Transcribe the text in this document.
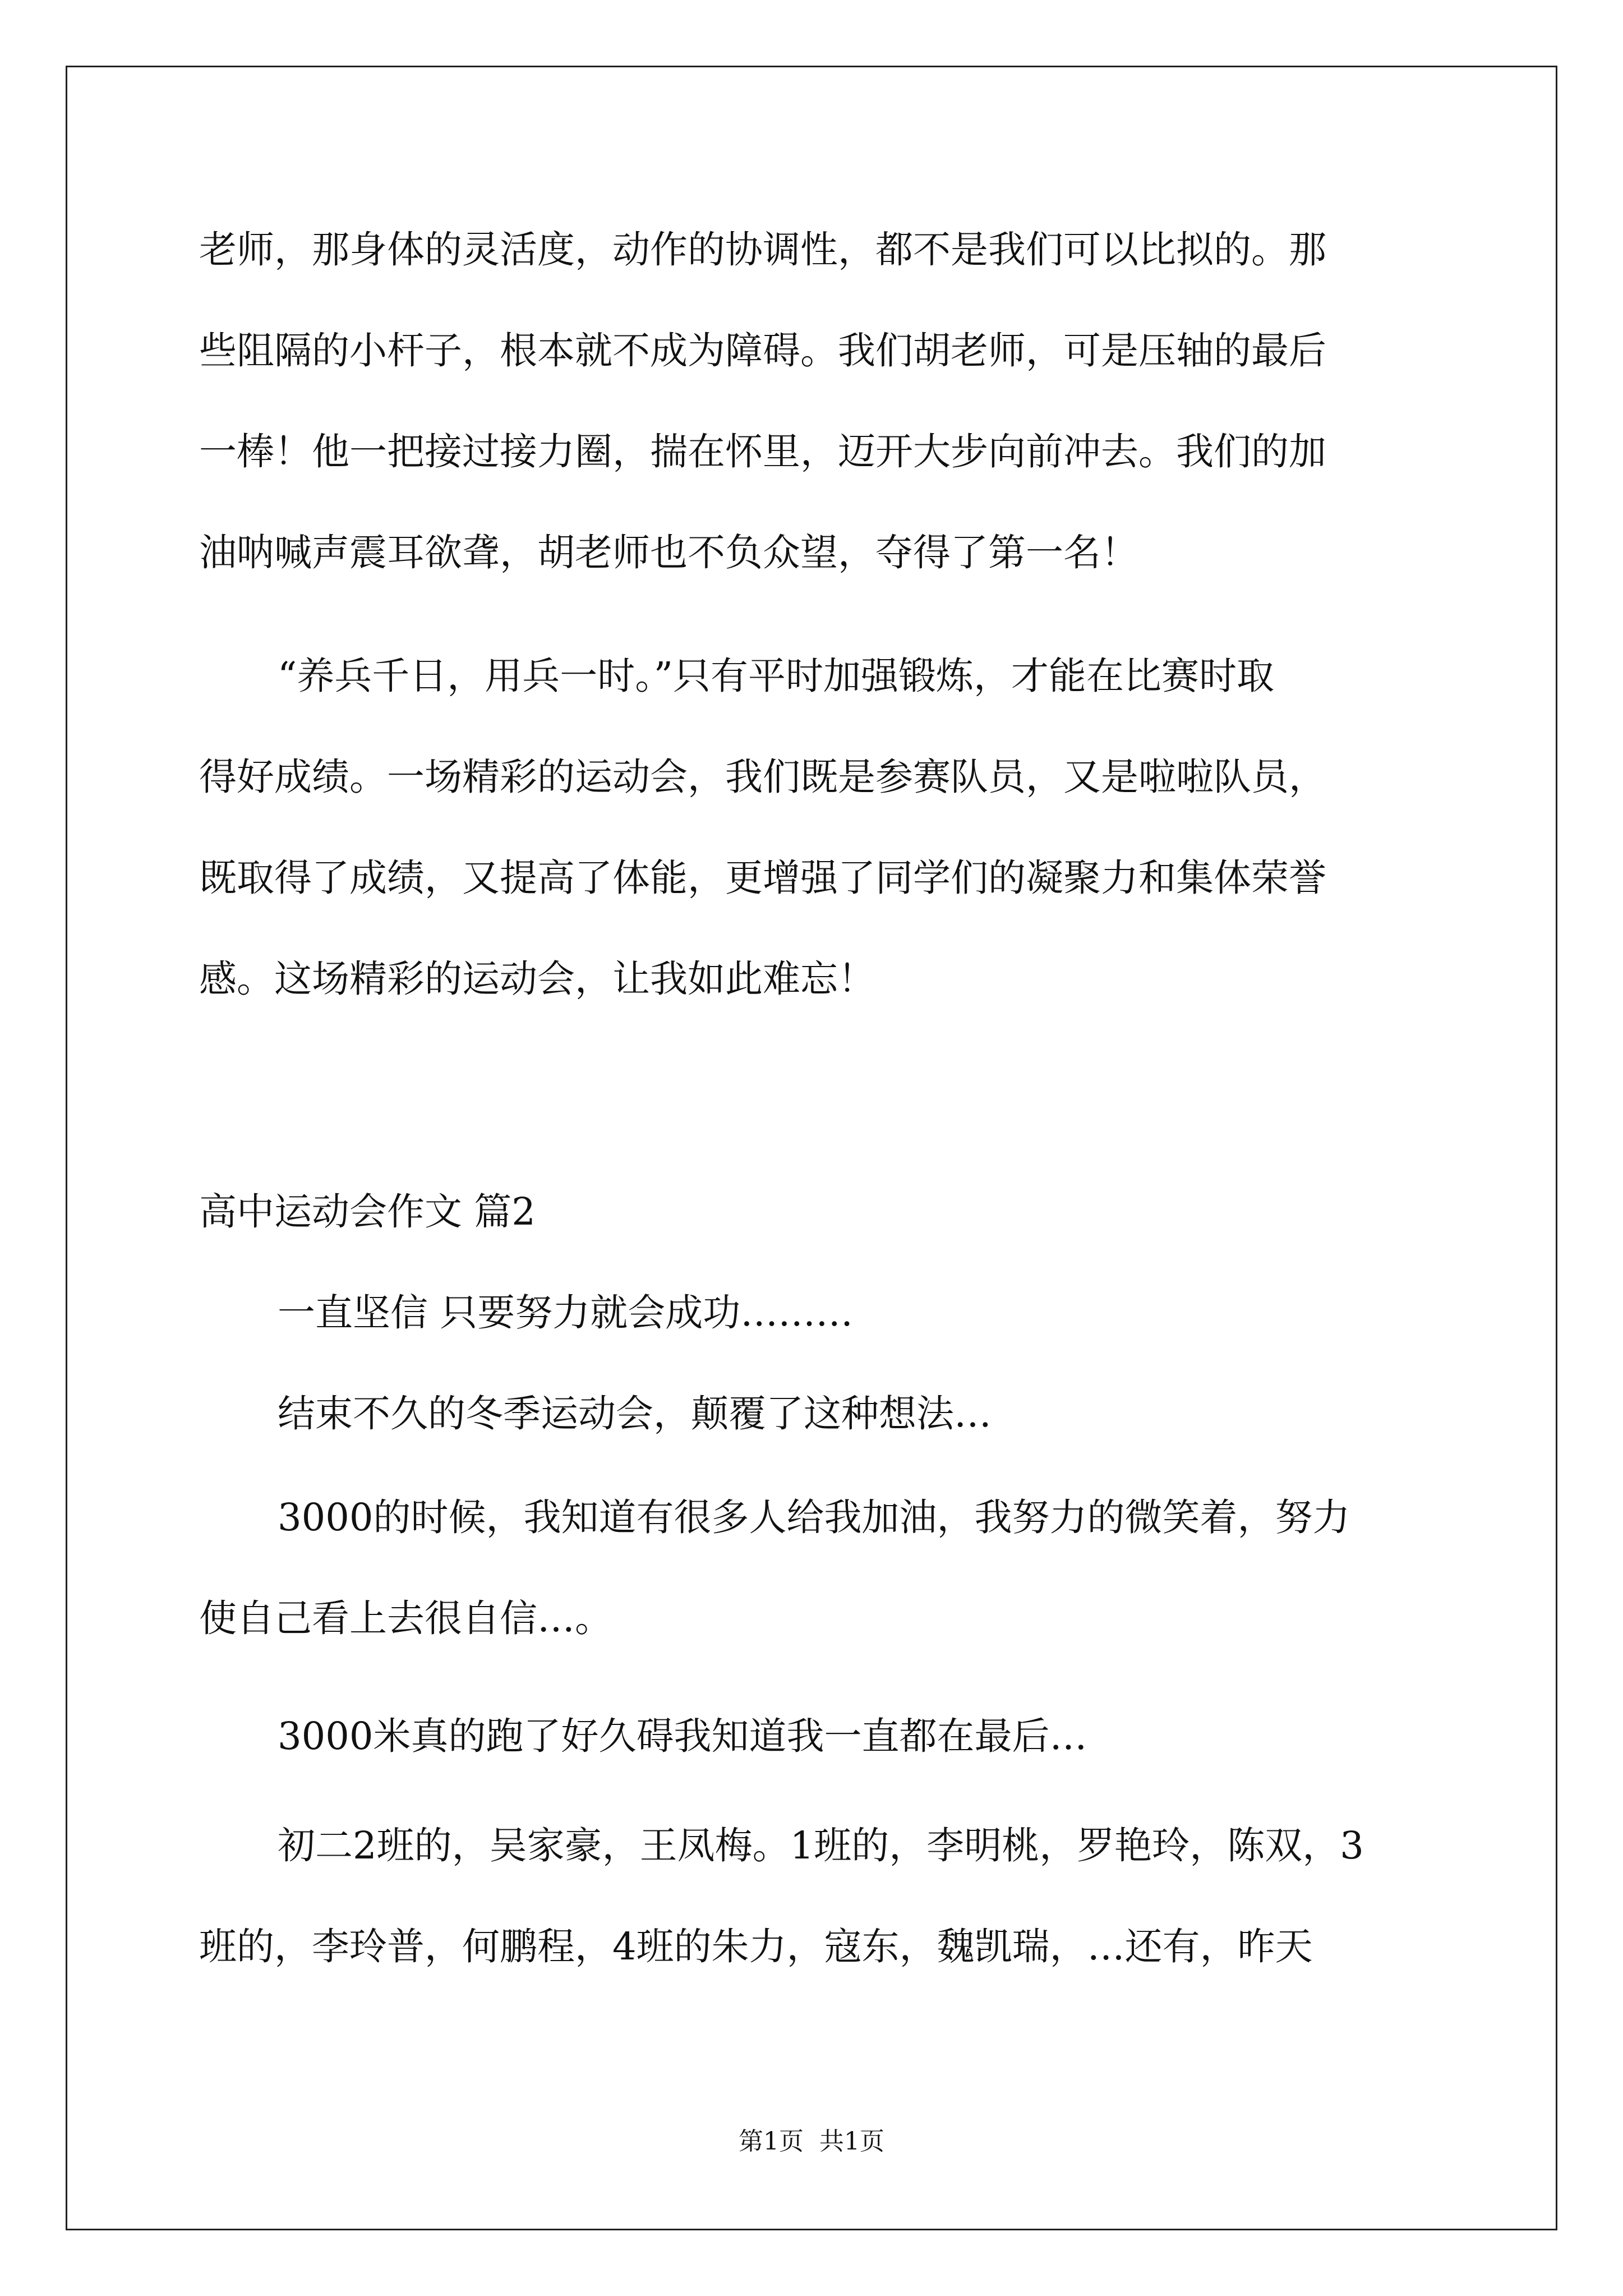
老师，那身体的灵活度，动作的协调性，都不是我们可以比拟的。那
些阻隔的小杆子，根本就不成为障碍。我们胡老师，可是压轴的最后
一棒！他一把接过接力圈，揣在怀里，迈开大步向前冲去。我们的加
油呐喊声震耳欲聋，胡老师也不负众望，夺得了第一名！
“养兵千日，用兵一时。”只有平时加强锻炼，才能在比赛时取
得好成绩。一场精彩的运动会，我们既是参赛队员，又是啦啦队员，
既取得了成绩，又提高了体能，更增强了同学们的凝聚力和集体荣誉
感。这场精彩的运动会，让我如此难忘！
高中运动会作文 篇2
一直坚信 只要努力就会成功………
结束不久的冬季运动会，颠覆了这种想法…
3000的时候，我知道有很多人给我加油，我努力的微笑着，努力
使自己看上去很自信…。
3000米真的跑了好久碍我知道我一直都在最后…
初二2班的，吴家豪，王凤梅。1班的，李明桃，罗艳玲，陈双，3
班的，李玲普，何鹏程，4班的朱力，寇东，魏凯瑞，…还有，昨天
第1页 共1页
